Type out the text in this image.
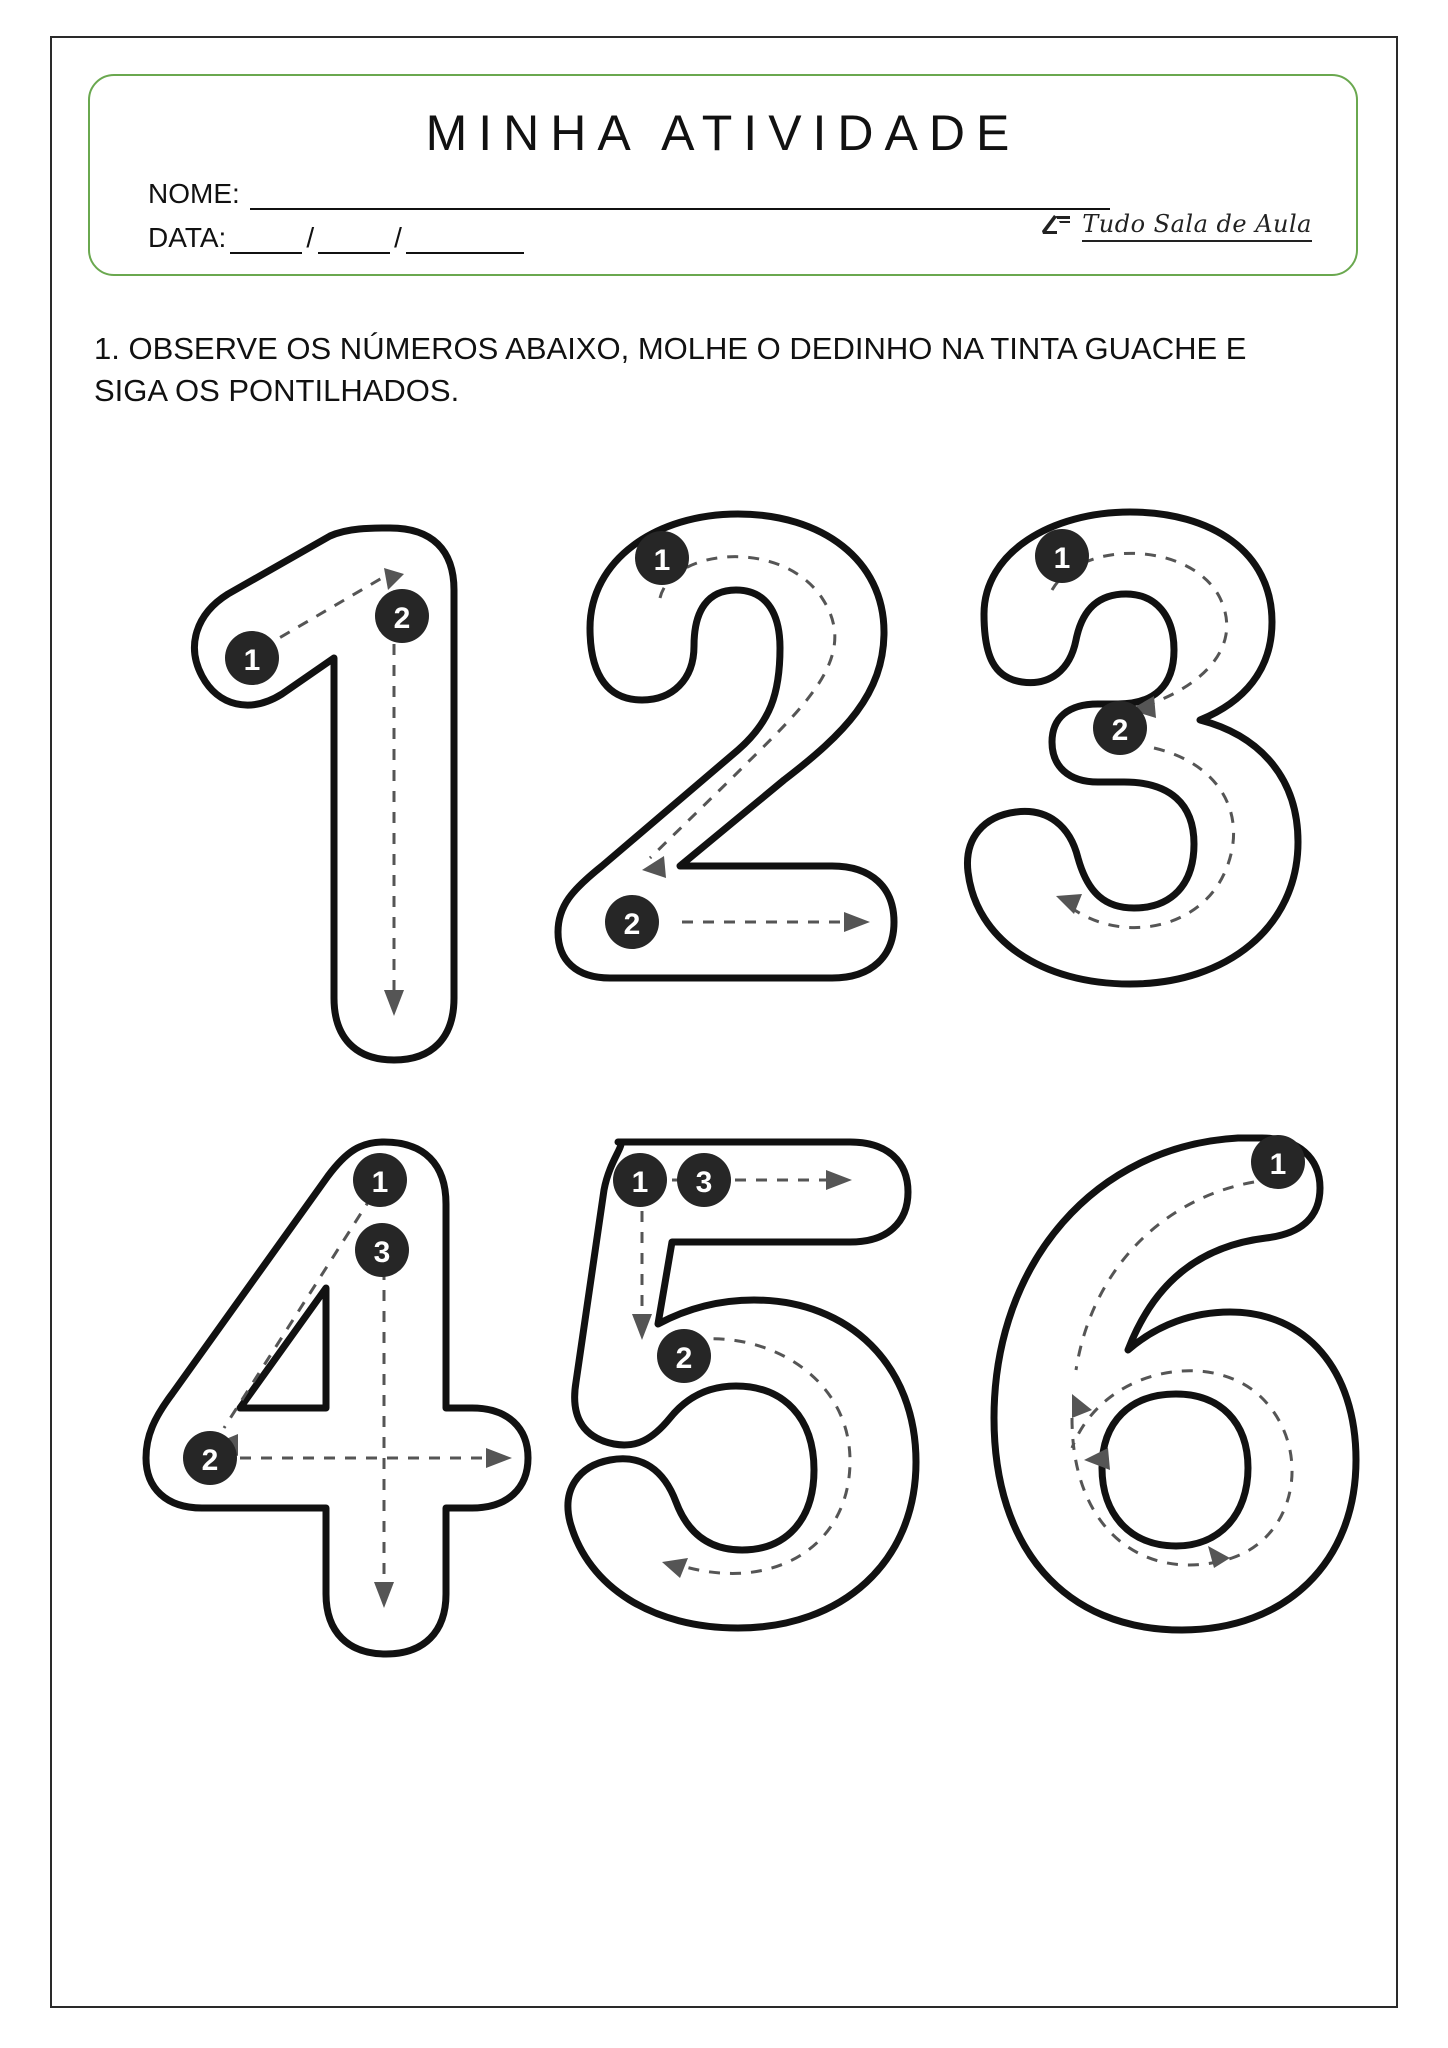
MINHA ATIVIDADE
NOME:
DATA:	/	/	Tudo Sala de Aula
1. OBSERVE OS NÚMEROS ABAIXO, MOLHE O DEDINHO NA TINTA GUACHE E SIGA OS PONTILHADOS.
1
2
1
2
1
2
1
3
2
1 3
2
1
